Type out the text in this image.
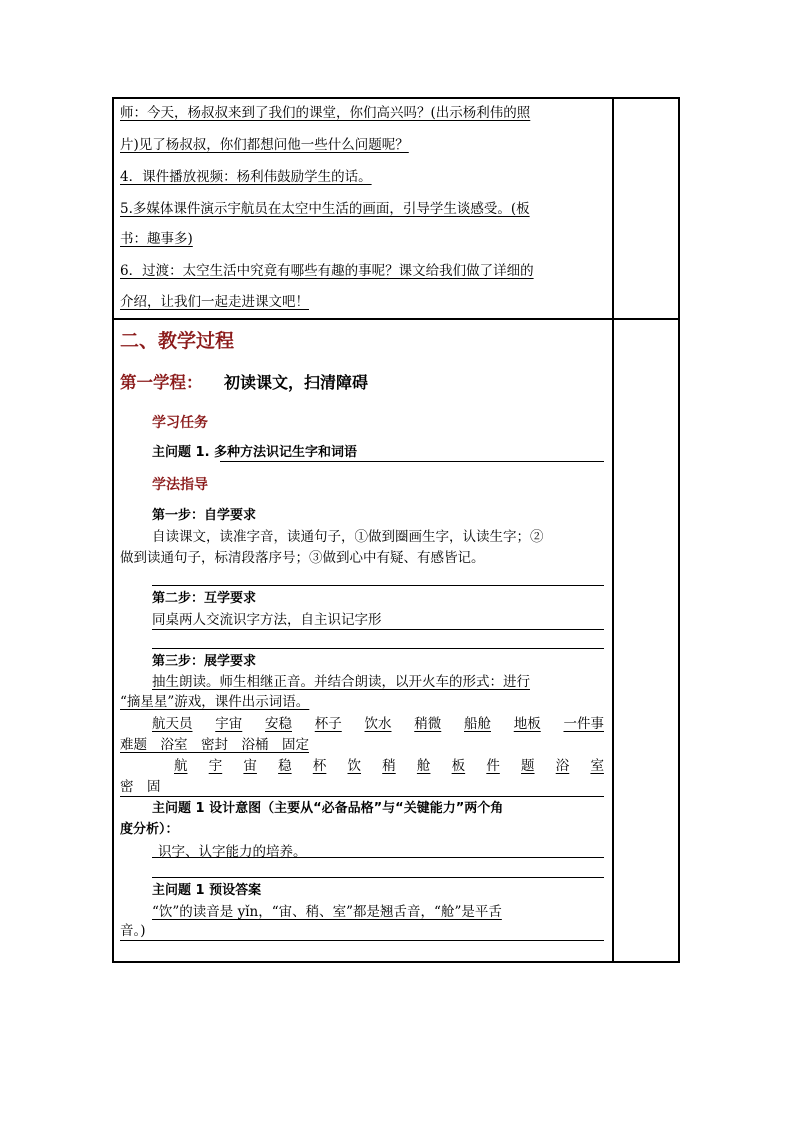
师：今天，杨叔叔来到了我们的课堂，你们高兴吗？(出示杨利伟的照
片)见了杨叔叔，你们都想问他一些什么问题呢？
4．课件播放视频：杨利伟鼓励学生的话。
5.多媒体课件演示宇航员在太空中生活的画面，引导学生谈感受。(板
书：趣事多)
6．过渡：太空生活中究竟有哪些有趣的事呢？课文给我们做了详细的
介绍，让我们一起走进课文吧！
二、教学过程
第一学程： 初读课文，扫清障碍
学习任务
主问题 1. 多种方法识记生字和词语
学法指导
第一步：自学要求
自读课文，读准字音，读通句子，①做到圈画生字，认读生字；②
做到读通句子，标清段落序号；③做到心中有疑、有感皆记。
第二步：互学要求
同桌两人交流识字方法，自主识记字形
第三步：展学要求
抽生朗读。师生相继正音。并结合朗读，以开火车的形式：进行
“摘星星”游戏，课件出示词语。
航天员 宇宙 安稳 杯子 饮水 稍微 船舱 地板 一件事
难题　浴室　密封　浴桶　固定
航 宇 宙 稳 杯 饮 稍 舱 板 件 题 浴 室
密　固
主问题 1 设计意图（主要从“必备品格”与“关键能力”两个角
度分析）：
识字、认字能力的培养。
主问题 1 预设答案
“饮”的读音是 yǐn，“宙、稍、室”都是翘舌音，“舱”是平舌
音。)
